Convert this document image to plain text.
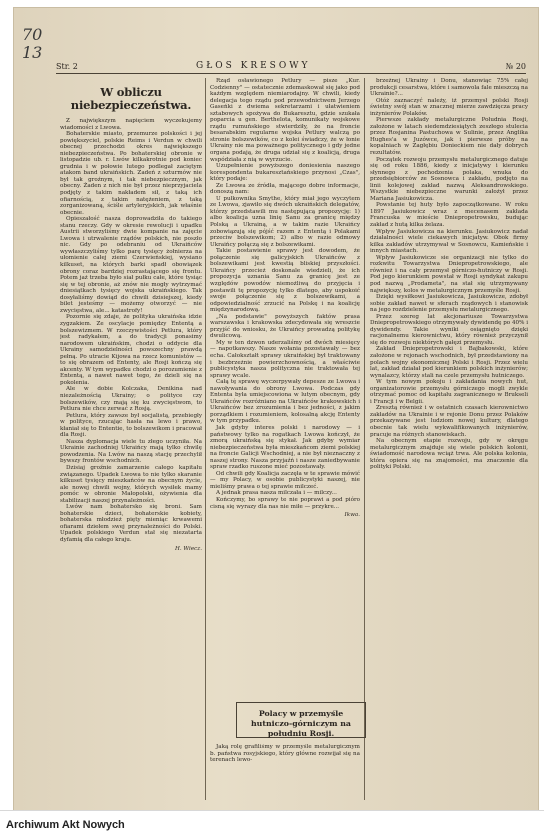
70
13
Str. 2	GŁOS KRESOWY	№ 20
W obliczu niebezpieczeństwa.

Z największym napięciem wyczekujemy wiadomości z Lwowa.

Bohaterskie miasto, przemurze polskości i jej powiększyciel, polskie Reims i Verdun w chwili obecnej przechodzi okres największego niebezpieczeństwa. Po bohaterskiej obronie w listopadzie ub. r. Lwów kilkakrotnie pod koniec grudnia i w połowie lutego podlegał zaciętym atakom band ukraińskich. Zadeń z szturmów nie był tak groźnym, i tak niebezpiecznym, jak obecny. Żaden z nich nie był przez nieprzyjaciela podjęty z takim nakładem sił, z taką ich ofiarnością, z takim natężeniem, z taką zorganizowaną, ściśle artyleryjskich, jak właśnie obecnie.

Opieszałość nasza doprowadziła do takiego stanu rzeczy. Gdy w okresie rewolucji i upadku Austrii stworzyliśmy dwie kompanie na zajęcie Lwowa i utrwalenie rządów polskich, nie poszło nic. Gdy po odebraniu od Ukraińców wywłaszczyliśmy tylko parę tysięcy żołnierza na ułomienie całej ziemi Czerwieńskiej, wysiano kilkuset, na których barki spadł obowiązek obrony coraz bardziej rozrastającego się frontu. Potem jaż trzeba było siał pułku całe, które tysiąc się w tej obronie, aż znów nie mogły wytrzymać dniesiątkach tysięcy wojska ukraińskiego. Tak dosyłaliśmy dowiąd do chwili dzisiejszej, kiedy bilet jesteśmy — możemy otworzyć — nie zwycięstwa, ale... katastrofy!

Pozornie się zdaje, że polityka ukraińska idzie zygzakiem. Ze oscylacje pomiędzy Ententą a bolszewizmem. W rzeczywistości Petlura, który jest radykałem, a do tradycji ponasimy narodowem ukraińskim, chodzi o oddycie dla Ukrainy samodzielności powszechny prawdą pełną. Po utracie Kijowa na rzecz komunistów — to się obrazem od Ententy, ale Rosji kończą się akcenty. W tym wypadku chodzi o porozumienie z Ententą, a nawet nawet tego, że dzieli się na pokolenia.

Ale w dobie Kolczaka, Denikina nad niezależnością Ukrainy; o polityce czy bolszewików, czy mają się ku zwycięstwom, to Petlura nie chce zerwać z Rosją.

Petlura, który zawsze był socjalistą, przebiegły w polityce, rzucając hasła na lewo i prawo, kłaniał się to Ententie, to bolszewikom i pracował dla Rosji.

Nasza dyplomacja wiele tu złego uczyniła. Na Ukrainie zachodniej Ukraińcy mają tylko chwilę powodzenia. Na Lwów na naszą stację przechylił bywszy frontów wschodnich.

Dzisiaj groźnie zamarzenie całego kapitału związanego. Upadek Lwowa to nie tylko skaranie kilkuset tysięcy mieszkańców na obecnym życie, ale nowej chwili wojny, których wysiłek mamy pomóc w obronie Małopolski, ożywienia dla stabilizacji naszej przynależności.

Lwów nam bohatersko się broni. Sam bohaterskie dzieci, bohaterskie kobiety, bohaterska młodzież pięty mieniąc krwawemi ofiarami dziełem swej przynależności do Polski. Upadek polskiego Verdun stał się niezatarta dyfamią dla całego kraju.

H. Wiecz.

Rząd osławionego Petlury — pisze „Kur. Codzienny" — ostatecznie zdemaskował się jako pod każdym względem niemiarodajny. W chwili, kiedy delegacja tego rządu pod przewodnictwem Jerzego Gaseńki z dwiema sekretarzami i ułatwieniem sztabowych spożywa do Bukaresztu, gdzie szukała poparcia u gen. Berthelota, komunikaty wojskowe rządu rumuńskiego stwierdziły, że na froncie besarabskim regularne wojska Petlury walczą po stronie bolszewików, co z kolei świadczy, że w łonie Ukrainy nie ma poważnego politycznego i gdy jedne organa podają, że druga udział się z koalicją, druga wspódziała z nią w wyrzucie.

Uzupełnienie powyższego doniesienia naszego korespondenta bukaresztańskiego przynosi „Czas", który podaje:

Ze Lwowa ze źródła, mającego dobre informacje, donoszą nam:

U pułkownika Smythe, który miał jego wyczytem ze Lwowa, zjawiło się dwóch ukraińskich delegatów, którzy przedstawili mu następującą propozycję: 1) albo koalicja uzna linię Sanu za granicę między Polską a Ukrainą, a w takim razie Ukraińcy zobowiązują się pójść razem z Ententą i Polakami przeciw bolszewikom; 2) albo w razie odmowy Ukraińcy połączą się z bolszewikami.

Takie postawienie sprawy jest dowodem, że połączenie się galicyjskich Ukraińców z bolszewikami jest kwestią bliskiej przyszłości. Ukraińcy przecież doskonale wiedzieli, że ich propozycja uznania Sanu za granicę jest ze względów powodów niemożliwą do przyjęcia i postawili tę propozycję tylko dlatego, aby uspokoić swoje połączenie się z bolszewikami, a odpowiedzialność zrzucić na Polskę i na koalicję międzynarodową.

„Na podstawie" powyższych faktów prasa warszawska i krakowska zdecydowała się wreszcie przyjść do wniosku, że Ukraińcy prowadzą politykę dwulicową.

My w ten dzwon uderzaliśmy od dwóch miesięcy — napotkawszy. Nasze wołania pozostawały — bez echa. Całokształt sprawy ukraińskiej był traktowany i bezbrzeżnie powierzchownością, a właściwie publicystyka nasza polityczna nie traktowała tej sprawy wcale.

Całą tę sprawę wyczerpywały depesze ze Lwowa i nawoływania do obrony Lwowa. Podczas gdy Ententa była umiejscowiona w lutym obecnym, gdy Ukraińców rozróżniano na Ukraińców krakowskich i Ukraińców bez zrozumienia i bez jedności, z jakim porządkiem i rozumieniem, kolosalną akcję Ententy w tym przypadku.

Jak gdyby interes polski i narodowy — i państwowy tylko na rogatkach Lwowa kończył, że zmorą ukraińską się stykał. Jak gdyby wymiar niebezpieczeństwa była mieszkańcom ziemi polskiej na froncie Galicji Wschodniej, a nie był nieznaczny z naszej strony. Nasza przyjaźń i nasze zaniedbywanie spraw rzadko ruszone mieć pozostawały.

Od chwili gdy Koalicja zaczęła w te sprawie mówić — my Polacy, w osobie publicystyki naszej, nie mieliśmy prawa o tej sprawie milczeć.

A jednak prasa nasza milczała i — milczy...

Kończymy, bo sprawy te nie poprawi a pod pióro cisną się wyrazy dla nas nie miłe — przykre...

Ikwa.
Polacy w przemyśle hutniczo-górniczym na południu Rosji.

Jaką rolę grafiliśmy w przemyśle metalurgicznym b. państwa rosyjskiego, który główne rozwijał się na terenach lewo-

brzeżnej Ukrainy i Donu, stanowiąc 75% całej produkcji cesarstwa, które i samowola fale mieszczą na Ukrainie?...

Otóż zaznaczyć należy, iż przemysł polski Rosji świetny swój stan w znacznej mierze zawdzięcza pracy inżynierów Polaków.

Pierwsze zakłady metalurgiczne Południa Rosji, założone w latach siedemdziesiątych zeszłego stulecia przez Rosjanina Pastuchowa w Sulinie, przez Anglika Hughes'a w Juzówce, jak i pierwsze próby na kopalniach w Zagłębiu Donieckiem nie dały dobrych rezultatów.

Początek rozwoju przemysłu metalurgicznego datuje się od roku 1886, kiedy z inicjatywy i kierunku słynnego z pochodzenia polaka, wnuka do przedsiębiorców ze Sosnowca i zakładu, podjęto na linii kolejowej zakład nazwą Aleksandrowskiego. Wszystkie niebezpieczne warunki założył przez Mariana Jasiukowicza.

Powstanie tej huty było zapoczątkowane. W roku 1897 Jasiukowicz wraz z mecenasem zakłada Francuska w mieście Dniepropetrowsku, budując zakład z hutą kilka żelaza.

Wpływ Jasiukowicza na kierunku. Jasiukowicz nadał działalności wiele ciekawych inicjatyw. Obok firmy kilka zakładów utrzymywał w Sosnowcu, Kamieńskie i innych miastach.

Wpływ Jasiukowicze sie organizacji nie tylko do rozkwitu Towarzystwa Dniepropetrowskiego, ale również i na cały przemysł górniczo-hutniczy w Rosji. Pod jego kierunkiem powstał w Rosji syndykat zakupu pod nazwą „Prodameta", na stał się utrzymywany największy, kolos w metalurgicznym przemyśle Rosji.

Dzięki wysiłkowi Jasiukowicza, Jasiukowicze, zdobył sobie zakład nawet w sferach rządowych i stanowisk na jego rozdzielenie przemysłu metalurgicznego.

Przez szereg lat akcjonariusze Towarzystwa Dniepropetrowskiego otrzymywały dywidendę po 40% i dywidendy. Takie wyniki osiągnięto dzięki racjonalnemu kierownictwu, który również przyczynił się do rozwoju niektórych gałęzi przemysłu.

Zakład Dniepropetrowski i Bajbakowski, które założone w rejonach wschodnich, był przedstawiony na polach wojny ekonomicznej Polski i Rosji. Przez wielu lat, zakład działał pod kierunkiem polskich inżynierów; wynalazcy, którzy stali na czele przemysłu hutniczego.

W tym nowym pokoju i zakładania nowych hut, organizatorowie przemysłu górniczego mogli zwykle otrzymać pomoc od kapitału zagranicznego w Brukseli i Francji i w Belgii.

Zresztą również i w ostatnich czasach kierownictwo zakładów na Ukrainie i w rejonie Donu przez Polaków przekazywane jest ludziom nowej kultury, dlatego obecnie tak wielu wykwalifikowanych inżynierów, pracuje na różnych stanowiskach.

Na obecnym etapie rozwoju, gdy w okręgu metalurgicznym znajduje się wiele polskich kolonii, świadomość narodowa wciąż trwa. Ale polska kolonia, która opiera się na znajomości, ma znaczenie dla polityki Polski.

Archiwum Akt Nowych
